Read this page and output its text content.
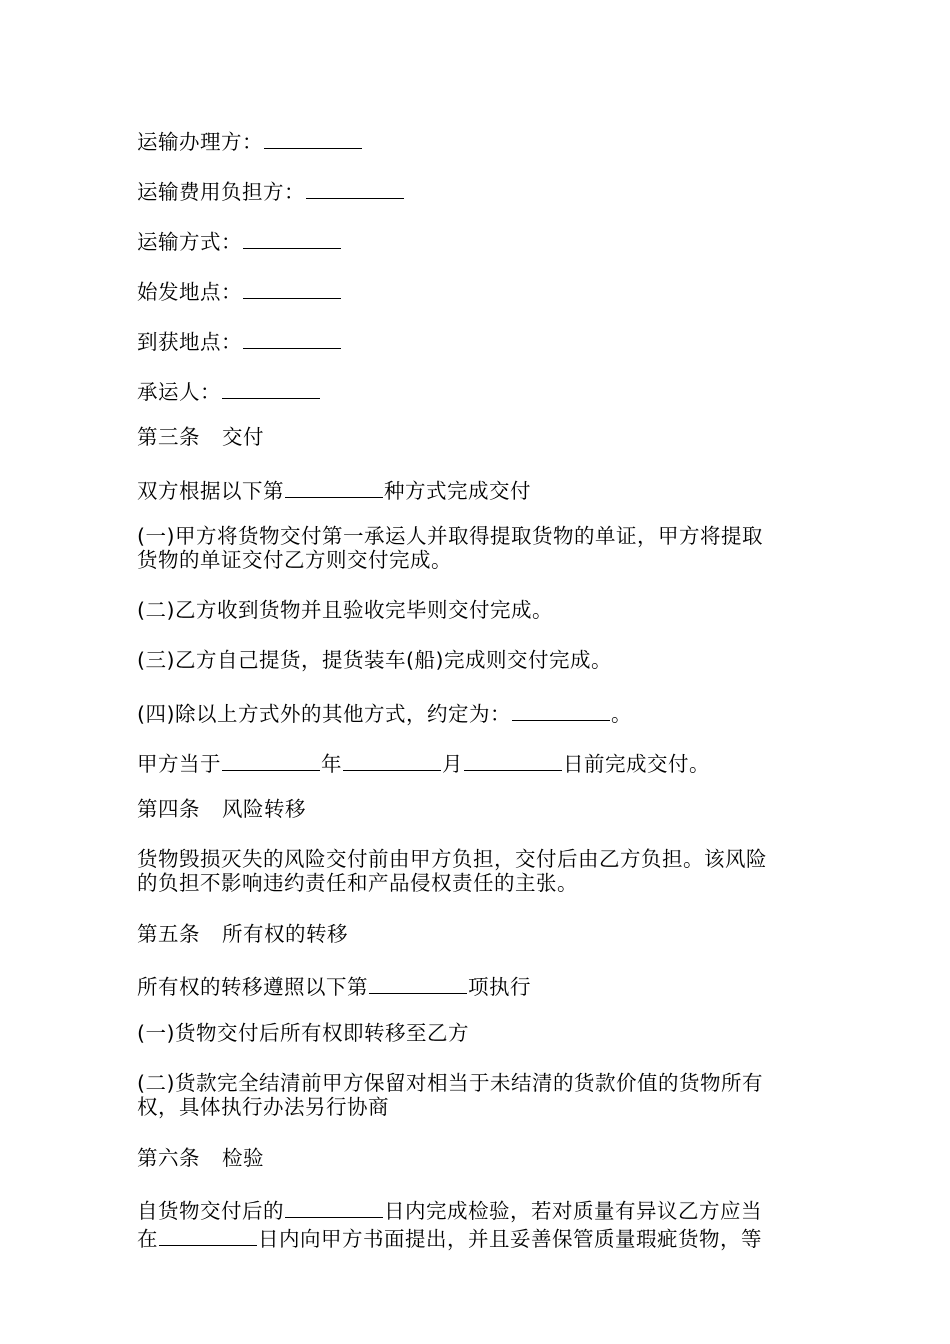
运输办理方：
运输费用负担方：
运输方式：
始发地点：
到获地点：
承运人：
第三条 交付
双方根据以下第	种方式完成交付
(一)甲方将货物交付第一承运人并取得提取货物的单证，甲方将提取
货物的单证交付乙方则交付完成。
(二)乙方收到货物并且验收完毕则交付完成。
(三)乙方自己提货，提货装车(船)完成则交付完成。
(四)除以上方式外的其他方式，约定为：	。
甲方当于	年	月	日前完成交付。
第四条 风险转移
货物毁损灭失的风险交付前由甲方负担，交付后由乙方负担。该风险
的负担不影响违约责任和产品侵权责任的主张。
第五条 所有权的转移
所有权的转移遵照以下第	项执行
(一)货物交付后所有权即转移至乙方
(二)货款完全结清前甲方保留对相当于未结清的货款价值的货物所有
权，具体执行办法另行协商
第六条 检验
自货物交付后的	日内完成检验，若对质量有异议乙方应当
在	日内向甲方书面提出，并且妥善保管质量瑕疵货物，等
